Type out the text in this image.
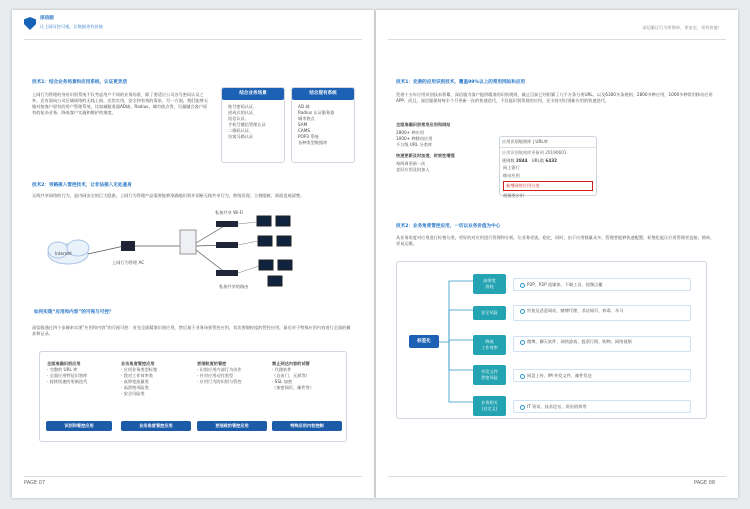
深信服
让上网可控可视，让数据更有价值
技术1：结合业务场景和应用系统，认证更灵活
上网行为管理的身份识别系统不仅考虑用户不同的业务场景，除了要适应公司各号密码认证之外，还有面向公司区域网络的无线上网，宾馆实用，安全和有效的需求，另一方面，我们能够无缝对接客户原有的用户管理系统，比如域服务器AD域、Radius、城市热点等，尽量融合客户原有的复杂业务，降低客户实施和维护的难度。
结合业务场景
账号密码认证、
逆戒式的认证、
短信认证、
手机号微信管理认证
二维码认证、
访客马路认证
结合现有系统
AD 域
Radius 认证服务器
城市热点
SAM
CAMS
POP3 系统
各种类型数据库
技术2：旁路接入管控技术，让非法接入无处遁身
无线共享网络的行为，是内网安全的巨大隐患，上网行为管理产品需要能够准确地识别并切断无线共享行为，秒级发现，立刻阻断，界面直观清楚。
Internet
上网行为管理 AC
私接共享 Wi-Fi
私接共享的路由
如何实现“应用和内容”的可视与可控？
深信服通过四个步骤来实现“应用和内容”的可视可控：首先全面精准识别应用，然后基于业务场景管控应用，其次要细粒度的管控应用，最后对于特殊应用内容进行全面的捕获和记录。
全面准确识别应用
· 完整的 URL 库
· 全面应用特征识别库
· 持续快速的更新迭代
业务角度管控应用
· 应用业务类型标签
· 我对工作效率类
· 高带宽流量类
· 高泄密风险类
· 安全风险类
更细粒度的管控
· 识别应用内部行为动作
· 针对应用动作类型
· 应用行为的识别与管控
禁止到达内容的试管
· 代理软件
（自由门、无界等）
· SSL 加密
（加密网页、邮件等）
识别和管控应用	业务角度管控应用	更细致的管控应用	特殊应用内容控制
PAGE 07
深信服让行为更简单，更安全，更有价值！
技术1：完善的应用识别技术，覆盖99%以上的常用网站和应用
凭借十五年应用识别技术积累，深信服为客户提供精准的识别规则，截止目前已经积累了几千万条分类URL，以及6300多条规则，2800多种应用，1000多种常用移动应用APP，而且，深信服保持每半个月更新一次的快速迭代，不仅能识别常规的应用，还支持对识别新应用的快速迭代。
全面准确识别常用应用和网站
2800+ 种应用
1000+ 种移动应用
千万级 URL 分类库
快速更新及时加速，时效性增强
每两周更新一次
老旧应用及时加入
应用识别规则库 | URL库
应用识别规则库更新到 20190601
规则数 2844 URL数 6432
网上银行
移动应用
新增网络应用分类
视频类应用
技术2：业务角度管控应用，一切以业务价值为中心
从业务角度对应用进行标签分类，更好的对应用进行管理和分析，让业务更流，稳定，同时，由于应用数量众多，管理者能够快速配置，标签化能让应用管理更直接，简单，更易运维。
标签化
高带宽
消耗	P2P、P2P 流媒体、下载工具、视频点播
安全风险	钓鱼及恶意网站、赌博代理、非法网页、病毒、木马
降低
工作效率
微博、聊天软件、网络游戏、股票行情、购物、网络视频
外发文件
泄密风险	网盘上传、IM 外发文件、邮件发送
业务相关
(自定义)	IT 资讯、技术论坛、资讯机构等
PAGE 08
